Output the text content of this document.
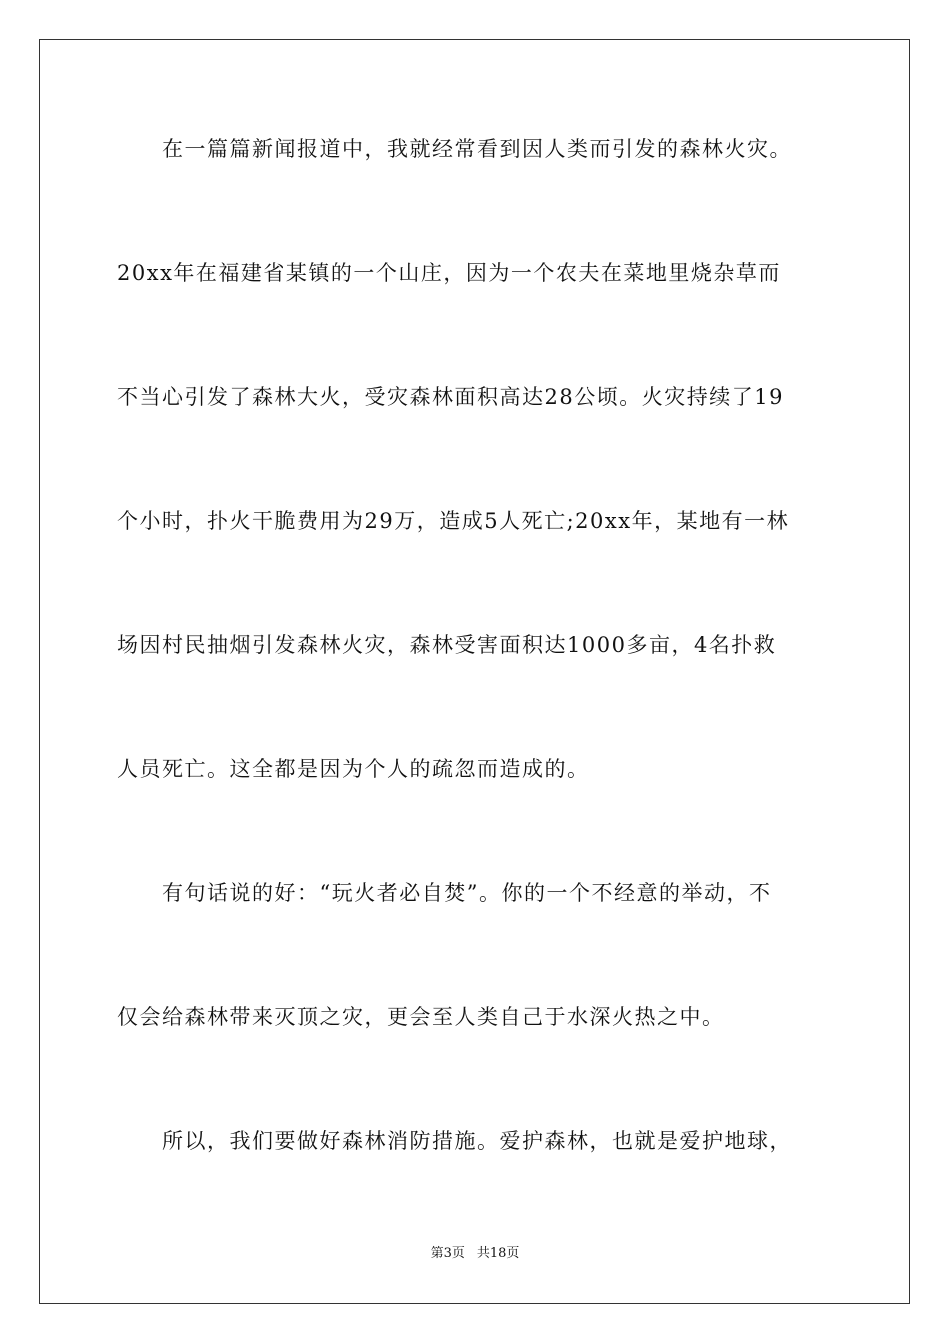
　　在一篇篇新闻报道中，我就经常看到因人类而引发的森林火灾。
20xx年在福建省某镇的一个山庄，因为一个农夫在菜地里烧杂草而
不当心引发了森林大火，受灾森林面积高达28公顷。火灾持续了19
个小时，扑火干脆费用为29万，造成5人死亡;20xx年，某地有一林
场因村民抽烟引发森林火灾，森林受害面积达1000多亩，4名扑救
人员死亡。这全都是因为个人的疏忽而造成的。
　　有句话说的好：“玩火者必自焚”。你的一个不经意的举动，不
仅会给森林带来灭顶之灾，更会至人类自己于水深火热之中。
　　所以，我们要做好森林消防措施。爱护森林，也就是爱护地球，
第3页 共18页
